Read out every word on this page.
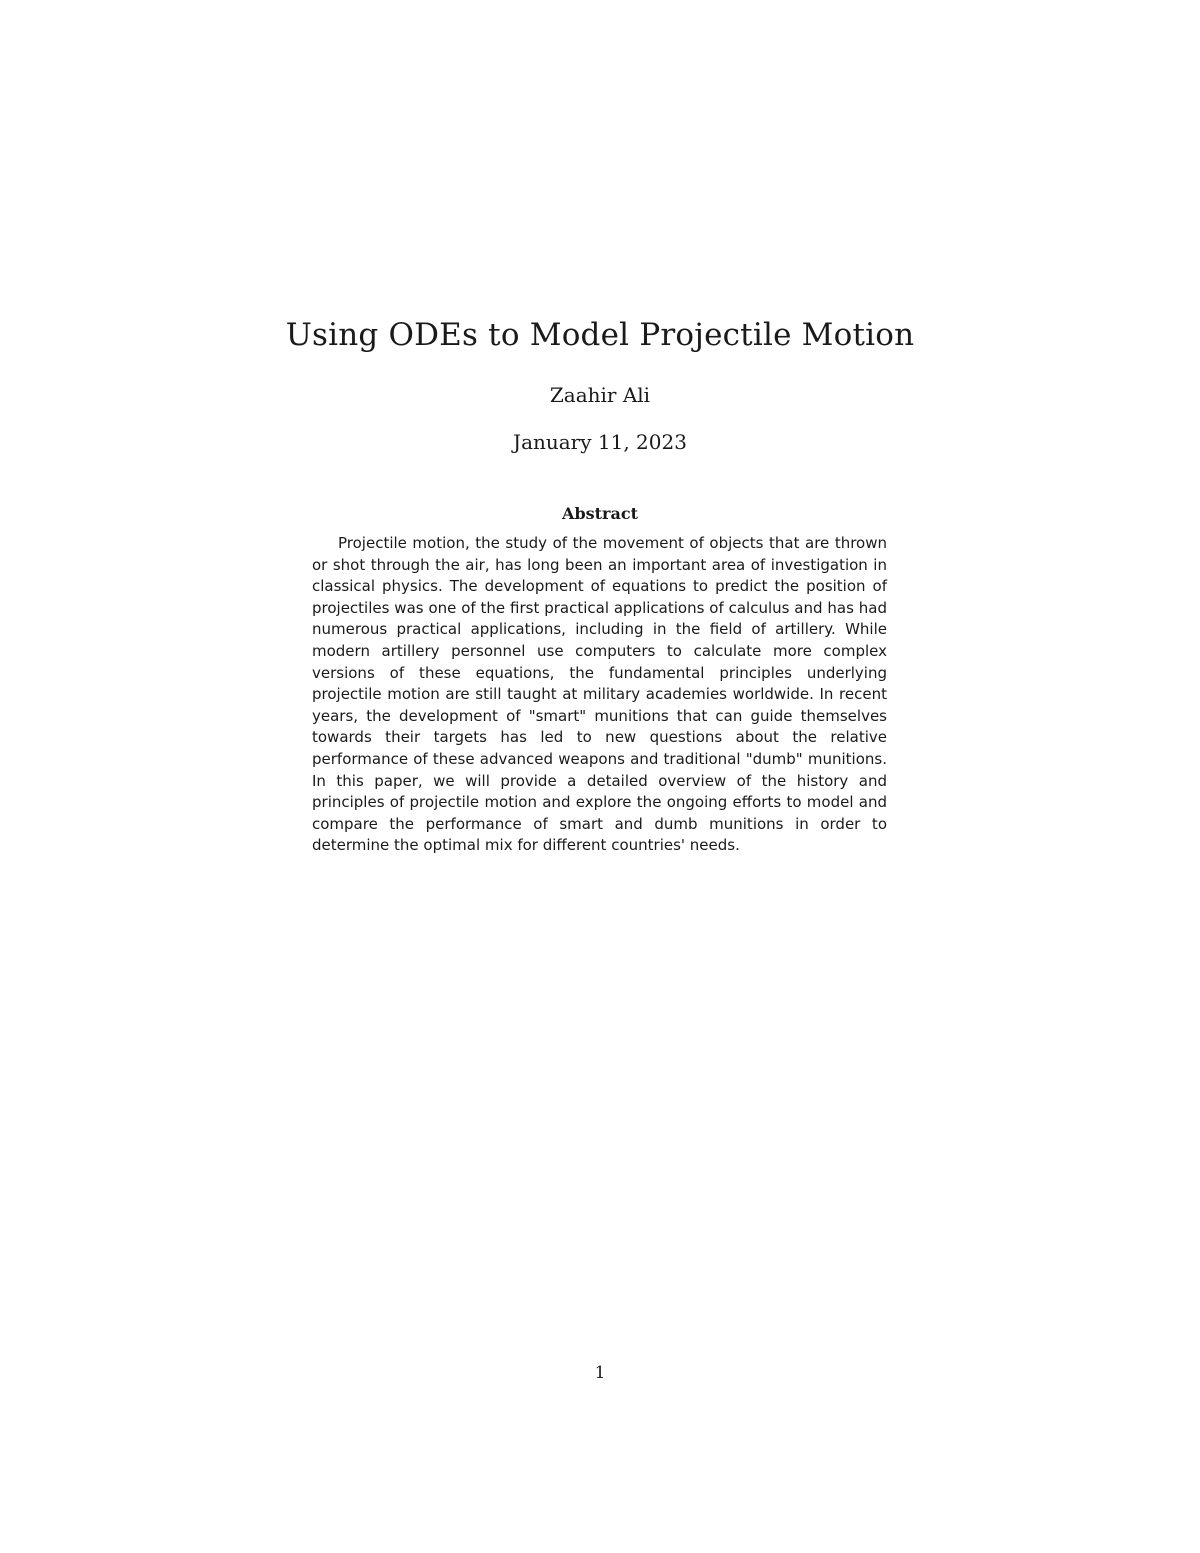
Using ODEs to Model Projectile Motion
Zaahir Ali
January 11, 2023
Abstract

Projectile motion, the study of the movement of objects that are thrown or shot through the air, has long been an important area of investigation in classical physics. The development of equations to predict the position of projectiles was one of the first practical applications of calculus and has had numerous practical applications, including in the field of artillery. While modern artillery personnel use computers to calculate more complex versions of these equations, the fundamental principles underlying projectile motion are still taught at military academies worldwide. In recent years, the development of "smart" munitions that can guide themselves towards their targets has led to new questions about the relative performance of these advanced weapons and traditional "dumb" munitions. In this paper, we will provide a detailed overview of the history and principles of projectile motion and explore the ongoing efforts to model and compare the performance of smart and dumb munitions in order to determine the optimal mix for different countries' needs.

1
